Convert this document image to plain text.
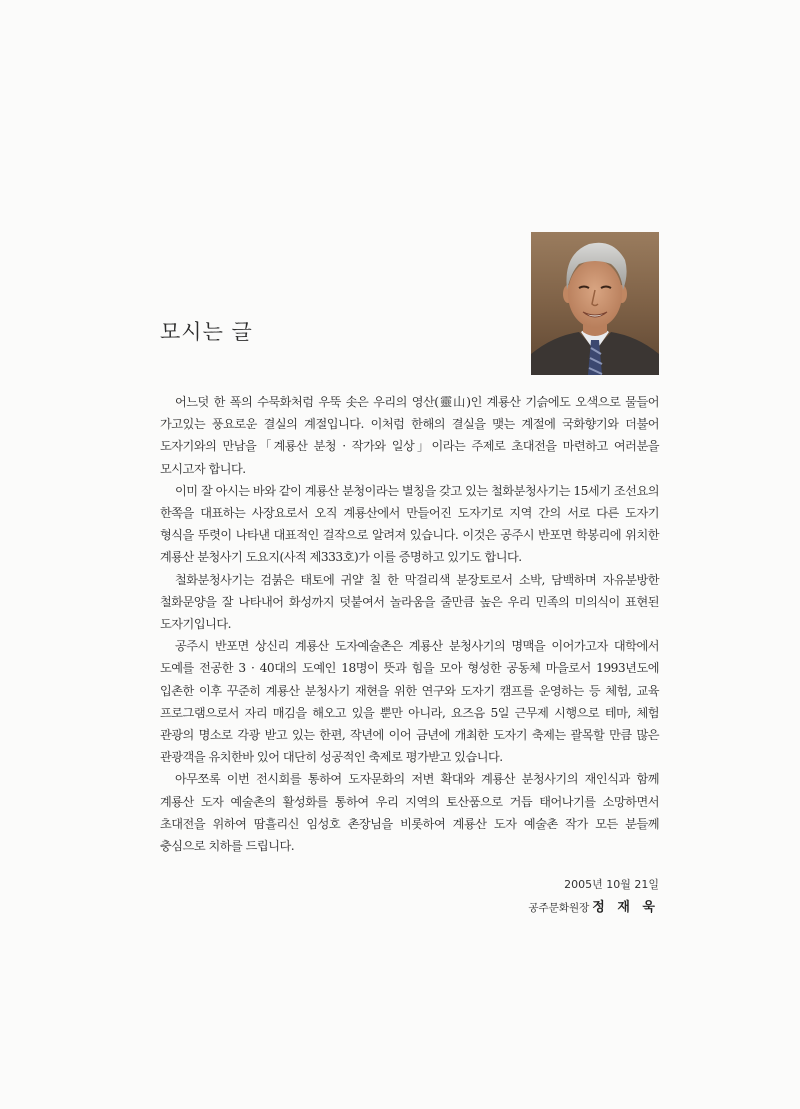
모시는 글

어느덧 한 폭의 수묵화처럼 우뚝 솟은 우리의 영산(靈山)인 계룡산 기슭에도 오색으로 물들어 가고있는 풍요로운 결실의 계절입니다. 이처럼 한해의 결실을 맺는 계절에 국화향기와 더불어 도자기와의 만남을「계룡산 분청 · 작가와 일상」이라는 주제로 초대전을 마련하고 여러분을 모시고자 합니다.

이미 잘 아시는 바와 같이 계룡산 분청이라는 별칭을 갖고 있는 철화분청사기는 15세기 조선요의 한쪽을 대표하는 사장요로서 오직 계룡산에서 만들어진 도자기로 지역 간의 서로 다른 도자기 형식을 뚜렷이 나타낸 대표적인 걸작으로 알려져 있습니다. 이것은 공주시 반포면 학봉리에 위치한 계룡산 분청사기 도요지(사적 제333호)가 이를 증명하고 있기도 합니다.

철화분청사기는 검붉은 태토에 귀얄 칠 한 막걸리색 분장토로서 소박, 담백하며 자유분방한 철화문양을 잘 나타내어 화성까지 덧붙여서 놀라움을 줄만큼 높은 우리 민족의 미의식이 표현된 도자기입니다.

공주시 반포면 상신리 계룡산 도자예술촌은 계룡산 분청사기의 명맥을 이어가고자 대학에서 도예를 전공한 3 · 40대의 도예인 18명이 뜻과 힘을 모아 형성한 공동체 마을로서 1993년도에 입촌한 이후 꾸준히 계룡산 분청사기 재현을 위한 연구와 도자기 캠프를 운영하는 등 체험, 교육 프로그램으로서 자리 매김을 해오고 있을 뿐만 아니라, 요즈음 5일 근무제 시행으로 테마, 체험 관광의 명소로 각광 받고 있는 한편, 작년에 이어 금년에 개최한 도자기 축제는 괄목할 만큼 많은 관광객을 유치한바 있어 대단히 성공적인 축제로 평가받고 있습니다.

아무쪼록 이번 전시회를 통하여 도자문화의 저변 확대와 계룡산 분청사기의 재인식과 함께 계룡산 도자 예술촌의 활성화를 통하여 우리 지역의 토산품으로 거듭 태어나기를 소망하면서 초대전을 위하여 땀흘리신 임성호 촌장님을 비롯하여 계룡산 도자 예술촌 작가 모든 분들께 충심으로 치하를 드립니다.

2005년 10월 21일
공주문화원장 정 재 욱
